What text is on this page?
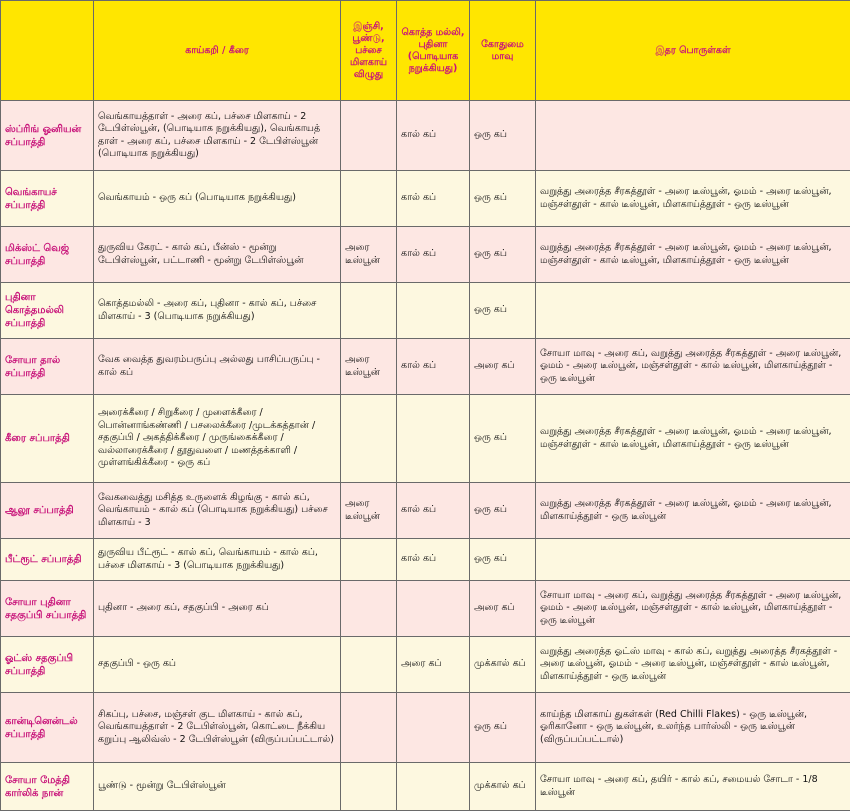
	காய்கறி / கீரை	இஞ்சி, பூண்டு, பச்சை மிளகாய் விழுது	கொத்த மல்லி, புதினா (பொடியாக நறுக்கியது)	கோதுமை மாவு	இதர பொருள்கள்
ஸ்ப்ரிங் ஓனியன் சப்பாத்தி	வெங்காயத்தாள் - அரை கப், பச்சை மிளகாய் - 2 டேபிள்ஸ்பூன், (பொடியாக நறுக்கியது), வெங்காயத் தாள் - அரை கப், பச்சை மிளகாய் - 2 டேபிள்ஸ்பூன் (பொடியாக நறுக்கியது)		கால் கப்	ஒரு கப்	
வெங்காயச் சப்பாத்தி	வெங்காயம் - ஒரு கப் (பொடியாக நறுக்கியது)		கால் கப்	ஒரு கப்	வறுத்து அரைத்த சீரகத்தூள் - அரை டீஸ்பூன், ஓமம் - அரை டீஸ்பூன், மஞ்சள்தூள் - கால் டீஸ்பூன், மிளகாய்த்தூள் - ஒரு டீஸ்பூன்
மிக்ஸ்ட் வெஜ் சப்பாத்தி	துருவிய கேரட் - கால் கப், பீன்ஸ் - மூன்று டேபிள்ஸ்பூன், பட்டாணி - மூன்று டேபிள்ஸ்பூன்	அரை டீஸ்பூன்	கால் கப்	ஒரு கப்	வறுத்து அரைத்த சீரகத்தூள் - அரை டீஸ்பூன், ஓமம் - அரை டீஸ்பூன், மஞ்சள்தூள் - கால் டீஸ்பூன், மிளகாய்த்தூள் - ஒரு டீஸ்பூன்
புதினா கொத்தமல்லி சப்பாத்தி	கொத்தமல்லி - அரை கப், புதினா - கால் கப், பச்சை மிளகாய் - 3 (பொடியாக நறுக்கியது)			ஒரு கப்	
சோயா தால் சப்பாத்தி	வேக வைத்த துவரம்பருப்பு அல்லது பாசிப்பருப்பு - கால் கப்	அரை டீஸ்பூன்	கால் கப்	அரை கப்	சோயா மாவு - அரை கப், வறுத்து அரைத்த சீரகத்தூள் - அரை டீஸ்பூன், ஓமம் - அரை டீஸ்பூன், மஞ்சள்தூள் - கால் டீஸ்பூன், மிளகாய்த்தூள் - ஒரு டீஸ்பூன்
கீரை சப்பாத்தி	அரைக்கீரை / சிறுகீரை / முளைக்கீரை / பொன்னாங்கண்ணி / பசலைக்கீரை /முடக்கத்தான் / சதகுப்பி / அகத்திக்கீரை / முருங்கைக்கீரை / வல்லாரைக்கீரை / தூதுவளை / மணத்தக்காளி / முள்ளங்கிக்கீரை - ஒரு கப்			ஒரு கப்	வறுத்து அரைத்த சீரகத்தூள் - அரை டீஸ்பூன், ஓமம் - அரை டீஸ்பூன், மஞ்சள்தூள் - கால் டீஸ்பூன், மிளகாய்த்தூள் - ஒரு டீஸ்பூன்
ஆலூ சப்பாத்தி	வேகவைத்து மசித்த உருளைக் கிழங்கு - கால் கப், வெங்காயம் - கால் கப் (பொடியாக நறுக்கியது) பச்சை மிளகாய் - 3	அரை டீஸ்பூன்	கால் கப்	ஒரு கப்	வறுத்து அரைத்த சீரகத்தூள் - அரை டீஸ்பூன், ஓமம் - அரை டீஸ்பூன், மிளகாய்த்தூள் - ஒரு டீஸ்பூன்
பீட்ரூட் சப்பாத்தி	துருவிய பீட்ரூட் - கால் கப், வெங்காயம் - கால் கப், பச்சை மிளகாய் - 3 (பொடியாக நறுக்கியது)		கால் கப்	ஒரு கப்	
சோயா புதினா சதகுப்பி சப்பாத்தி	புதினா - அரை கப், சதகுப்பி - அரை கப்			அரை கப்	சோயா மாவு - அரை கப், வறுத்து அரைத்த சீரகத்தூள் - அரை டீஸ்பூன், ஓமம் - அரை டீஸ்பூன், மஞ்சள்தூள் - கால் டீஸ்பூன், மிளகாய்த்தூள் - ஒரு டீஸ்பூன்
ஓட்ஸ் சதகுப்பி சப்பாத்தி	சதகுப்பி - ஒரு கப்		அரை கப்	முக்கால் கப்	வறுத்து அரைத்த ஓட்ஸ் மாவு - கால் கப், வறுத்து அரைத்த சீரகத்தூள் - அரை டீஸ்பூன், ஓமம் - அரை டீஸ்பூன், மஞ்சள்தூள் - கால் டீஸ்பூன், மிளகாய்த்தூள் - ஒரு டீஸ்பூன்
கான்டினென்டல் சப்பாத்தி	சிகப்பு, பச்சை, மஞ்சள் குட மிளகாய் - கால் கப், வெங்காயத்தாள் - 2 டேபிள்ஸ்பூன், கொட்டை நீக்கிய கறுப்பு ஆலிவ்ஸ் - 2 டேபிள்ஸ்பூன் (விருப்பப்பட்டால்)			ஒரு கப்	காய்ந்த மிளகாய் துகள்கள் (Red Chilli Flakes) - ஒரு டீஸ்பூன், ஓரிகானோ - ஒரு டீஸ்பூன், உலர்ந்த பார்ஸ்லி - ஒரு டீஸ்பூன் (விருப்பப்பட்டால்)
சோயா மேத்தி கார்லிக் நான்	பூண்டு - மூன்று டேபிள்ஸ்பூன்			முக்கால் கப்	சோயா மாவு - அரை கப், தயிர் - கால் கப், சமையல் சோடா - 1/8 டீஸ்பூன்
